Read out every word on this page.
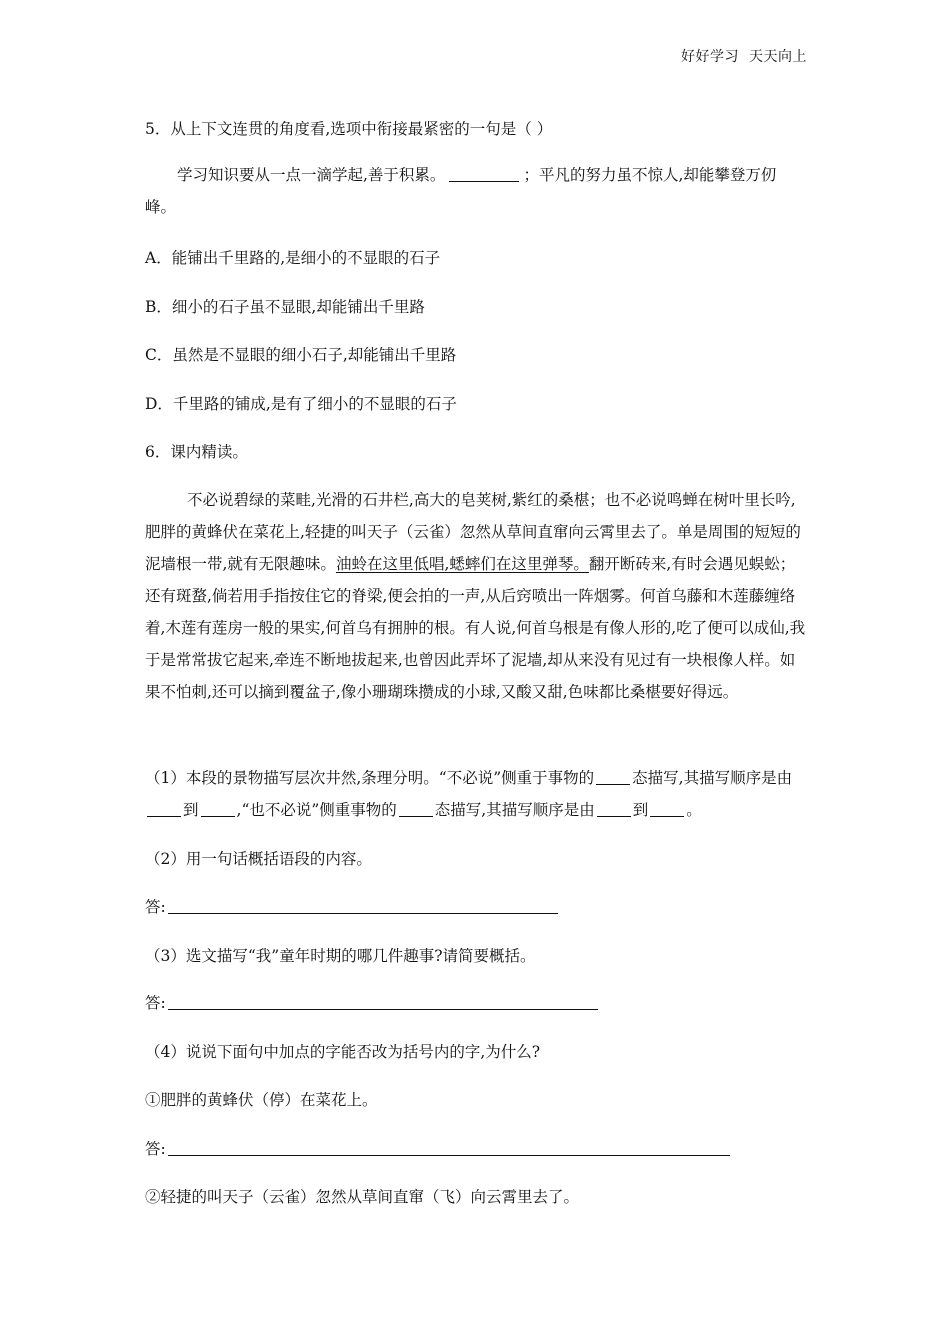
好好学习 天天向上
5．从上下文连贯的角度看,选项中衔接最紧密的一句是（ ）
学习知识要从一点一滴学起,善于积累。	；平凡的努力虽不惊人,却能攀登万仞峰。
A．能铺出千里路的,是细小的不显眼的石子
B．细小的石子虽不显眼,却能铺出千里路
C．虽然是不显眼的细小石子,却能铺出千里路
D．千里路的铺成,是有了细小的不显眼的石子
6．课内精读。
不必说碧绿的菜畦,光滑的石井栏,高大的皂荚树,紫红的桑椹；也不必说鸣蝉在树叶里长吟,肥胖的黄蜂伏在菜花上,轻捷的叫天子（云雀）忽然从草间直窜向云霄里去了。单是周围的短短的泥墙根一带,就有无限趣味。油蛉在这里低唱,蟋蟀们在这里弹琴。翻开断砖来,有时会遇见蜈蚣；还有斑蝥,倘若用手指按住它的脊梁,便会拍的一声,从后窍喷出一阵烟雾。何首乌藤和木莲藤缠络着,木莲有莲房一般的果实,何首乌有拥肿的根。有人说,何首乌根是有像人形的,吃了便可以成仙,我于是常常拔它起来,牵连不断地拔起来,也曾因此弄坏了泥墙,却从来没有见过有一块根像人样。如果不怕刺,还可以摘到覆盆子,像小珊瑚珠攒成的小球,又酸又甜,色味都比桑椹要好得远。
（1）本段的景物描写层次井然,条理分明。“不必说”侧重于事物的 态描写,其描写顺序是由到 ,“也不必说”侧重事物的 态描写,其描写顺序是由 到 。
（2）用一句话概括语段的内容。
答:
（3）选文描写“我”童年时期的哪几件趣事?请简要概括。
答:
（4）说说下面句中加点的字能否改为括号内的字,为什么?
①肥胖的黄蜂伏（停）在菜花上。
答:
②轻捷的叫天子（云雀）忽然从草间直窜（飞）向云霄里去了。
